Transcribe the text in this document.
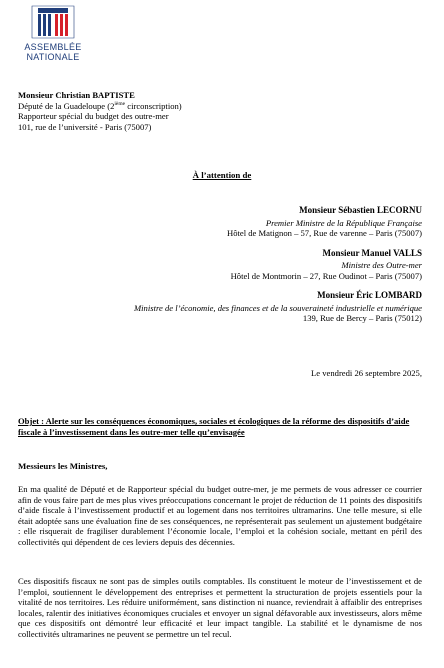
ASSEMBLÉE
NATIONALE
Monsieur Christian BAPTISTE
Député de la Guadeloupe (2ième circonscription)
Rapporteur spécial du budget des outre-mer
101, rue de l’université - Paris (75007)
À l’attention de
Monsieur Sébastien LECORNU
Premier Ministre de la République Française
Hôtel de Matignon – 57, Rue de varenne – Paris (75007)
Monsieur Manuel VALLS
Ministre des Outre-mer
Hôtel de Montmorin – 27, Rue Oudinot – Paris (75007)
Monsieur Éric LOMBARD
Ministre de l’économie, des finances et de la souveraineté industrielle et numérique
139, Rue de Bercy – Paris (75012)
Le vendredi 26 septembre 2025,
Objet : Alerte sur les conséquences économiques, sociales et écologiques de la réforme des dispositifs d’aide fiscale à l’investissement dans les outre-mer telle qu’envisagée
Messieurs les Ministres,
En ma qualité de Député et de Rapporteur spécial du budget outre-mer, je me permets de vous adresser ce courrier afin de vous faire part de mes plus vives préoccupations concernant le projet de réduction de 11 points des dispositifs d’aide fiscale à l’investissement productif et au logement dans nos territoires ultramarins. Une telle mesure, si elle était adoptée sans une évaluation fine de ses conséquences, ne représenterait pas seulement un ajustement budgétaire : elle risquerait de fragiliser durablement l’économie locale, l’emploi et la cohésion sociale, mettant en péril des collectivités qui dépendent de ces leviers depuis des décennies.
Ces dispositifs fiscaux ne sont pas de simples outils comptables. Ils constituent le moteur de l’investissement et de l’emploi, soutiennent le développement des entreprises et permettent la structuration de projets essentiels pour la vitalité de nos territoires. Les réduire uniformément, sans distinction ni nuance, reviendrait à affaiblir des entreprises locales, ralentir des initiatives économiques cruciales et envoyer un signal défavorable aux investisseurs, alors même que ces dispositifs ont démontré leur efficacité et leur impact tangible. La stabilité et le dynamisme de nos collectivités ultramarines ne peuvent se permettre un tel recul.
